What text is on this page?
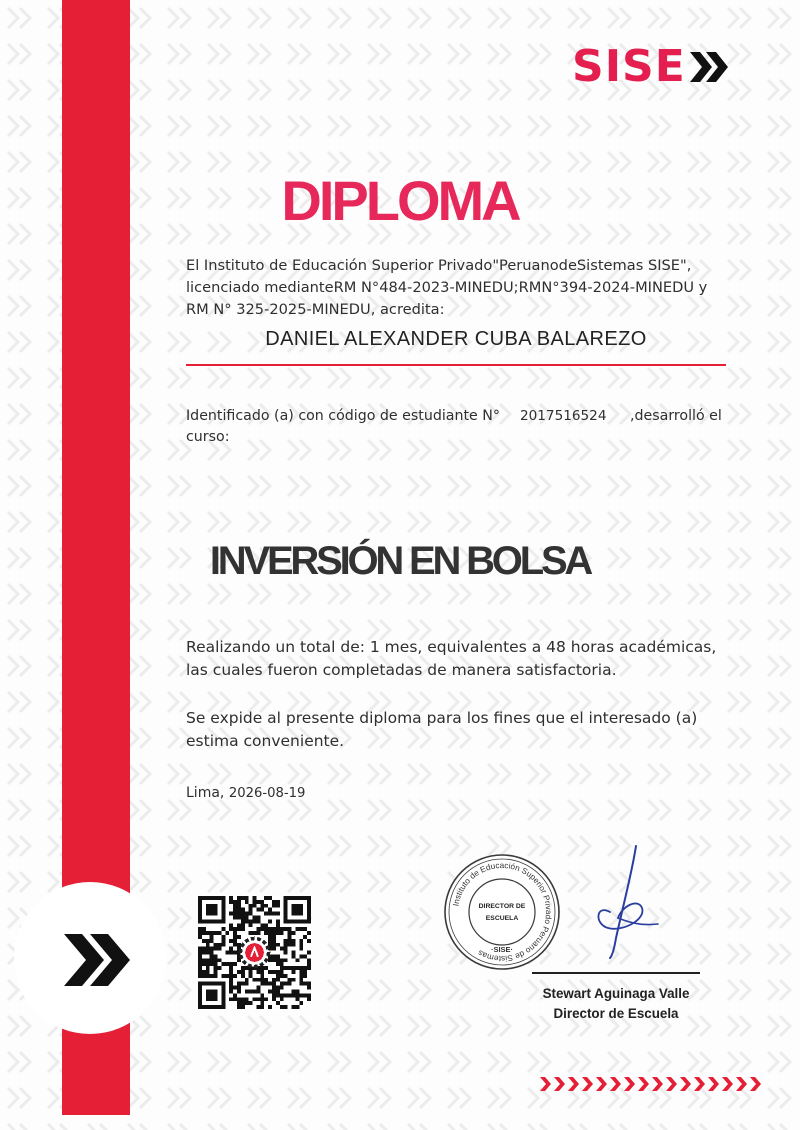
SISE
DIPLOMA
El Instituto de Educación Superior Privado"PeruanodeSistemas SISE", licenciado medianteRM N°484-2023-MINEDU;RMN°394-2024-MINEDU y RM N° 325-2025-MINEDU, acredita:
DANIEL ALEXANDER CUBA BALAREZO
Identificado (a) con código de estudiante N° 2017516524 ,desarrolló el curso:
INVERSIÓN EN BOLSA
Realizando un total de: 1 mes, equivalentes a 48 horas académicas, las cuales fueron completadas de manera satisfactoria.
Se expide al presente diploma para los fines que el interesado (a) estima conveniente.
Lima, 2026-08-19
Instituto de Educación Superior Privado Peruano de Sistemas ·SISE·
DIRECTOR DE
ESCUELA
Stewart Aguinaga Valle
Director de Escuela
